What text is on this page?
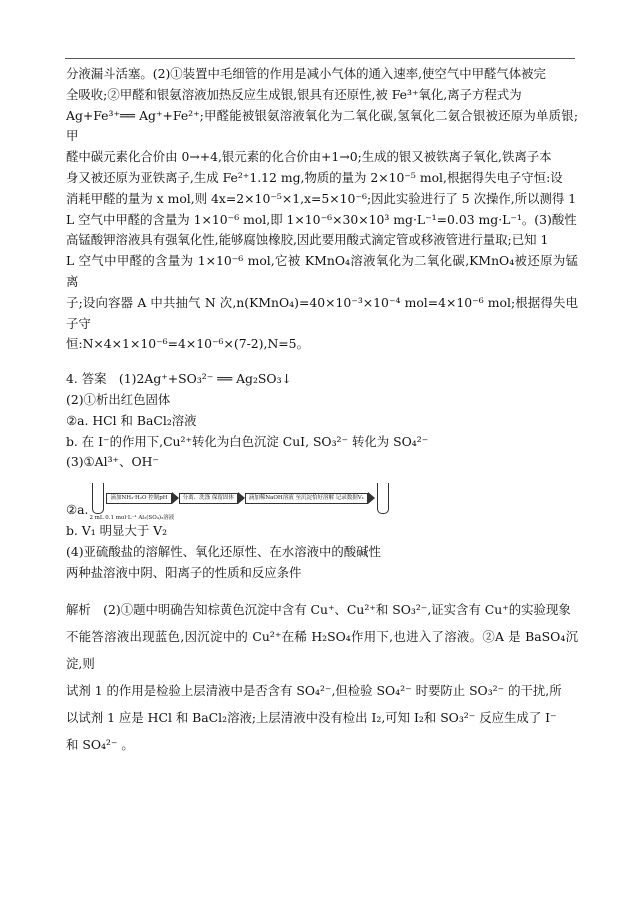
分液漏斗活塞。(2)①装置中毛细管的作用是减小气体的通入速率,使空气中甲醛气体被完

全吸收;②甲醛和银氨溶液加热反应生成银,银具有还原性,被 Fe³⁺氧化,离子方程式为

Ag+Fe³⁺══ Ag⁺+Fe²⁺;甲醛能被银氨溶液氧化为二氧化碳,氢氧化二氨合银被还原为单质银;甲

醛中碳元素化合价由 0→+4,银元素的化合价由+1→0;生成的银又被铁离子氧化,铁离子本

身又被还原为亚铁离子,生成 Fe²⁺1.12 mg,物质的量为 2×10⁻⁵ mol,根据得失电子守恒:设

消耗甲醛的量为 x mol,则 4x=2×10⁻⁵×1,x=5×10⁻⁶;因此实验进行了 5 次操作,所以测得 1

L 空气中甲醛的含量为 1×10⁻⁶ mol,即 1×10⁻⁶×30×10³ mg·L⁻¹=0.03 mg·L⁻¹。(3)酸性

高锰酸钾溶液具有强氧化性,能够腐蚀橡胶,因此要用酸式滴定管或移液管进行量取;已知 1

L 空气中甲醛的含量为 1×10⁻⁶ mol,它被 KMnO₄溶液氧化为二氧化碳,KMnO₄被还原为锰离

子;设向容器 A 中共抽气 N 次,n(KMnO₄)=40×10⁻³×10⁻⁴ mol=4×10⁻⁶ mol;根据得失电子守

恒:N×4×1×10⁻⁶=4×10⁻⁶×(7-2),N=5。

4. 答案　(1)2Ag⁺+SO₃²⁻ ══ Ag₂SO₃↓

(2)①析出红色固体

②a. HCl 和 BaCl₂溶液

b. 在 I⁻的作用下,Cu²⁺转化为白色沉淀 CuI, SO₃²⁻ 转化为 SO₄²⁻

(3)①Al³⁺、OH⁻

②a.
2 mL 0.1 mol·L⁻¹ Al₂(SO₄)₃溶液
滴加NH₃·H₂O 控制pH	分离、洗涤 保留固体	滴加稀NaOH溶液 至沉淀恰好溶解 记录数据V₁

b. V₁ 明显大于 V₂

(4)亚硫酸盐的溶解性、氧化还原性、在水溶液中的酸碱性

两种盐溶液中阴、阳离子的性质和反应条件

解析　(2)①题中明确告知棕黄色沉淀中含有 Cu⁺、Cu²⁺和 SO₃²⁻,证实含有 Cu⁺的实验现象

不能答溶液出现蓝色,因沉淀中的 Cu²⁺在稀 H₂SO₄作用下,也进入了溶液。②A 是 BaSO₄沉淀,则

试剂 1 的作用是检验上层清液中是否含有 SO₄²⁻,但检验 SO₄²⁻ 时要防止 SO₃²⁻ 的干扰,所

以试剂 1 应是 HCl 和 BaCl₂溶液;上层清液中没有检出 I₂,可知 I₂和 SO₃²⁻ 反应生成了 I⁻

和 SO₄²⁻ 。
